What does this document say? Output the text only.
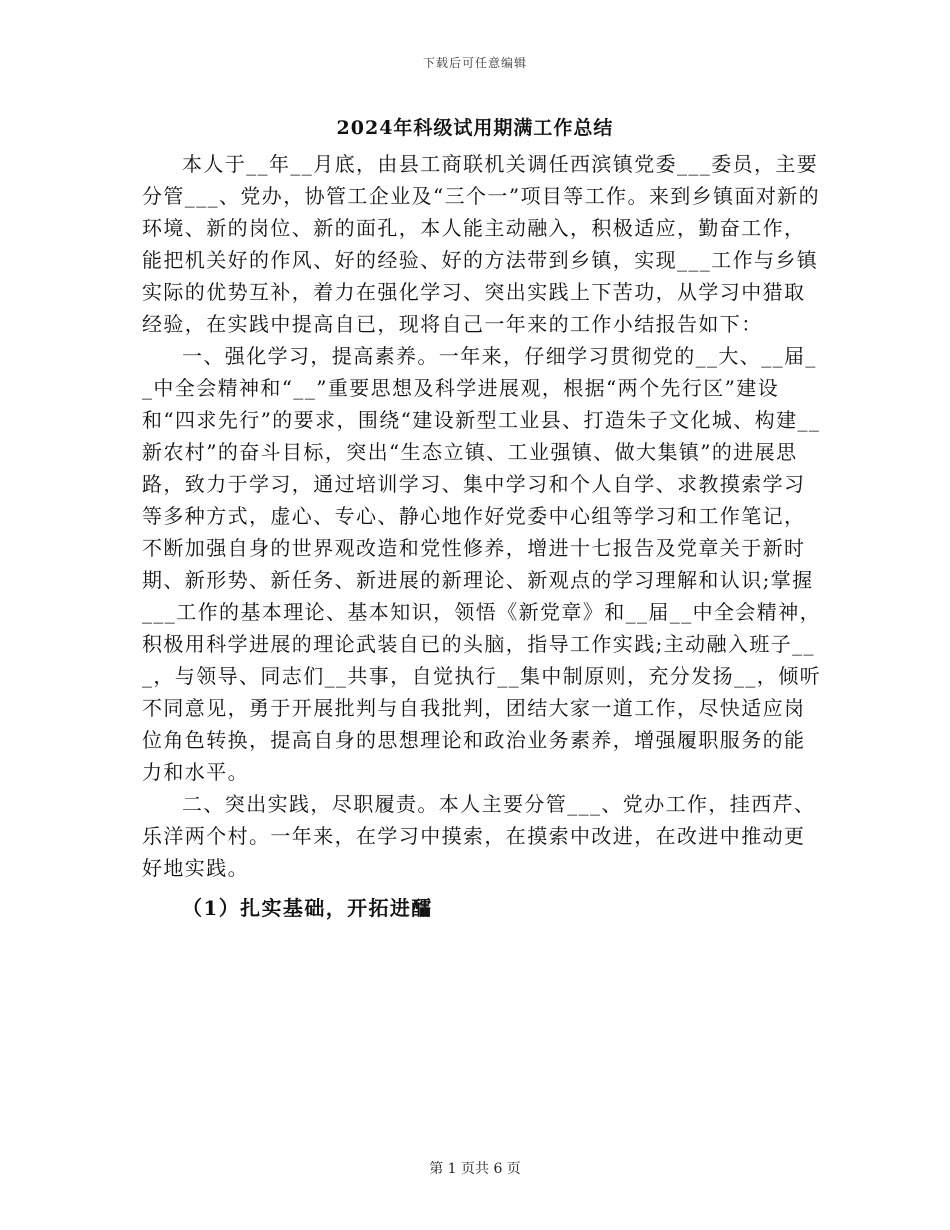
下载后可任意编辑
2024年科级试用期满工作总结

本人于__年__月底，由县工商联机关调任西滨镇党委___委员，主要分管___、党办，协管工企业及“三个一”项目等工作。来到乡镇面对新的环境、新的岗位、新的面孔，本人能主动融入，积极适应，勤奋工作，能把机关好的作风、好的经验、好的方法带到乡镇，实现___工作与乡镇实际的优势互补，着力在强化学习、突出实践上下苦功，从学习中猎取经验，在实践中提高自已，现将自己一年来的工作小结报告如下：

一、强化学习，提高素养。一年来，仔细学习贯彻党的__大、__届__中全会精神和“__”重要思想及科学进展观，根据“两个先行区”建设和“四求先行”的要求，围绕“建设新型工业县、打造朱子文化城、构建__新农村”的奋斗目标，突出“生态立镇、工业强镇、做大集镇”的进展思路，致力于学习，通过培训学习、集中学习和个人自学、求教摸索学习等多种方式，虚心、专心、静心地作好党委中心组等学习和工作笔记，不断加强自身的世界观改造和党性修养，增进十七报告及党章关于新时期、新形势、新任务、新进展的新理论、新观点的学习理解和认识;掌握___工作的基本理论、基本知识，领悟《新党章》和__届__中全会精神，积极用科学进展的理论武装自已的头脑，指导工作实践;主动融入班子___，与领导、同志们__共事，自觉执行__集中制原则，充分发扬__，倾听不同意见，勇于开展批判与自我批判，团结大家一道工作，尽快适应岗位角色转换，提高自身的思想理论和政治业务素养，增强履职服务的能力和水平。

二、突出实践，尽职履责。本人主要分管___、党办工作，挂西芹、乐洋两个村。一年来，在学习中摸索，在摸索中改进，在改进中推动更好地实践。

（1）扎实基础，开拓进醽

第 1 页共 6 页
